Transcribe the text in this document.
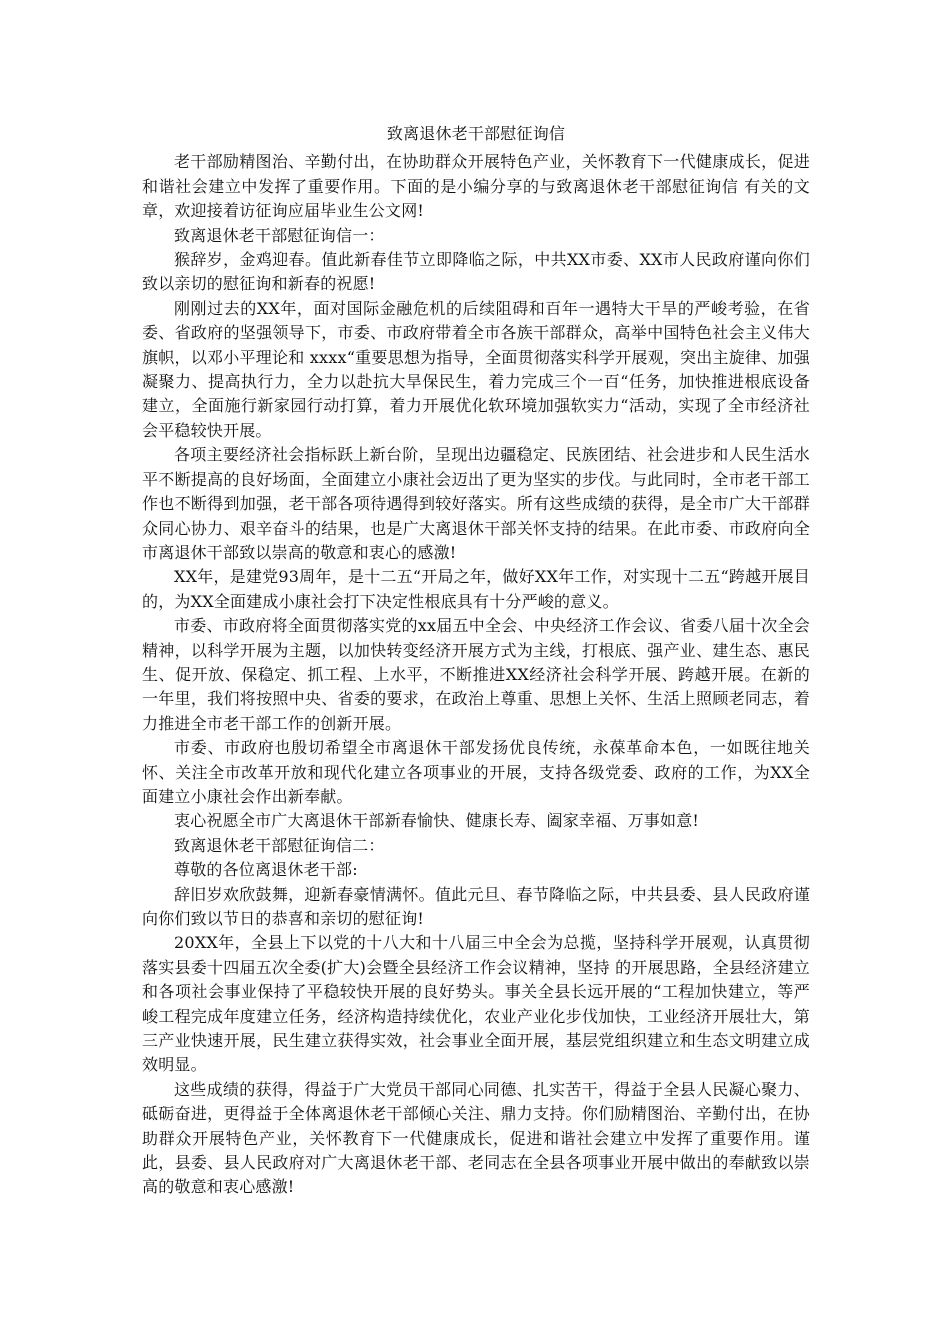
致离退休老干部慰征询信

老干部励精图治、辛勤付出，在协助群众开展特色产业，关怀教育下一代健康成长，促进和谐社会建立中发挥了重要作用。下面的是小编分享的与致离退休老干部慰征询信 有关的文章，欢迎接着访征询应届毕业生公文网!

致离退休老干部慰征询信一：

猴辞岁，金鸡迎春。值此新春佳节立即降临之际，中共XX市委、XX市人民政府谨向你们致以亲切的慰征询和新春的祝愿!

刚刚过去的XX年，面对国际金融危机的后续阻碍和百年一遇特大干旱的严峻考验，在省委、省政府的坚强领导下，市委、市政府带着全市各族干部群众，高举中国特色社会主义伟大旗帜，以邓小平理论和 xxxx“重要思想为指导，全面贯彻落实科学开展观，突出主旋律、加强凝聚力、提高执行力，全力以赴抗大旱保民生，着力完成三个一百“任务，加快推进根底设备建立，全面施行新家园行动打算，着力开展优化软环境加强软实力“活动，实现了全市经济社会平稳较快开展。

各项主要经济社会指标跃上新台阶，呈现出边疆稳定、民族团结、社会进步和人民生活水平不断提高的良好场面，全面建立小康社会迈出了更为坚实的步伐。与此同时，全市老干部工作也不断得到加强，老干部各项待遇得到较好落实。所有这些成绩的获得，是全市广大干部群众同心协力、艰辛奋斗的结果，也是广大离退休干部关怀支持的结果。在此市委、市政府向全市离退休干部致以崇高的敬意和衷心的感激!

XX年，是建党93周年，是十二五“开局之年，做好XX年工作，对实现十二五“跨越开展目的，为XX全面建成小康社会打下决定性根底具有十分严峻的意义。

市委、市政府将全面贯彻落实党的xx届五中全会、中央经济工作会议、省委八届十次全会精神，以科学开展为主题，以加快转变经济开展方式为主线，打根底、强产业、建生态、惠民生、促开放、保稳定、抓工程、上水平，不断推进XX经济社会科学开展、跨越开展。在新的一年里，我们将按照中央、省委的要求，在政治上尊重、思想上关怀、生活上照顾老同志，着力推进全市老干部工作的创新开展。

市委、市政府也殷切希望全市离退休干部发扬优良传统，永葆革命本色，一如既往地关怀、关注全市改革开放和现代化建立各项事业的开展，支持各级党委、政府的工作，为XX全面建立小康社会作出新奉献。

衷心祝愿全市广大离退休干部新春愉快、健康长寿、阖家幸福、万事如意!

致离退休老干部慰征询信二：

尊敬的各位离退休老干部:

辞旧岁欢欣鼓舞，迎新春豪情满怀。值此元旦、春节降临之际，中共县委、县人民政府谨向你们致以节日的恭喜和亲切的慰征询!

20XX年，全县上下以党的十八大和十八届三中全会为总揽，坚持科学开展观，认真贯彻落实县委十四届五次全委(扩大)会暨全县经济工作会议精神，坚持 的开展思路，全县经济建立和各项社会事业保持了平稳较快开展的良好势头。事关全县长远开展的“工程加快建立，等严峻工程完成年度建立任务，经济构造持续优化，农业产业化步伐加快，工业经济开展壮大，第三产业快速开展，民生建立获得实效，社会事业全面开展，基层党组织建立和生态文明建立成效明显。

这些成绩的获得，得益于广大党员干部同心同德、扎实苦干，得益于全县人民凝心聚力、砥砺奋进，更得益于全体离退休老干部倾心关注、鼎力支持。你们励精图治、辛勤付出，在协助群众开展特色产业，关怀教育下一代健康成长，促进和谐社会建立中发挥了重要作用。谨此，县委、县人民政府对广大离退休老干部、老同志在全县各项事业开展中做出的奉献致以崇高的敬意和衷心感激!
